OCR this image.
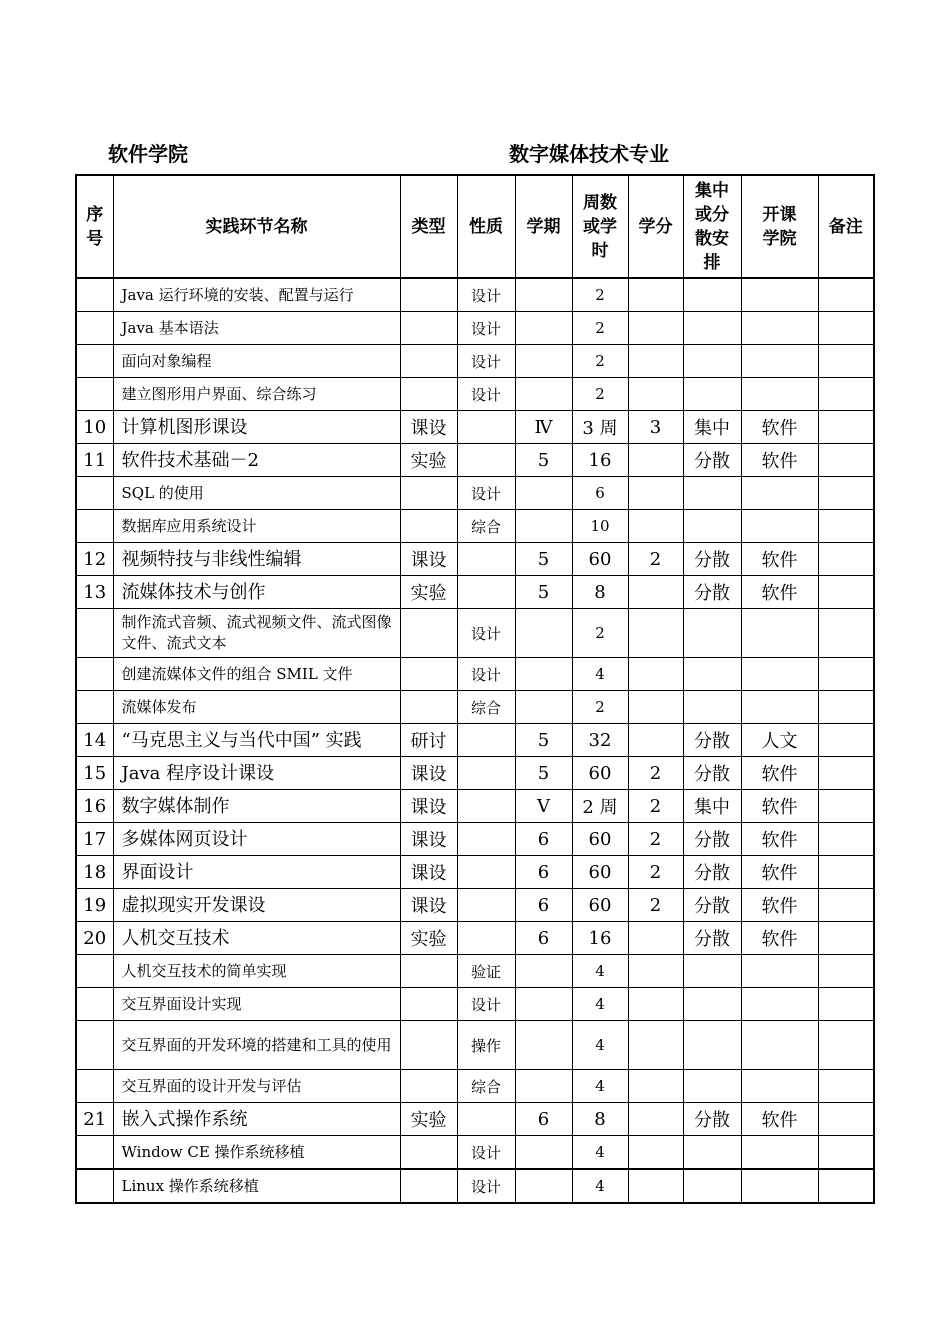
软件学院	数字媒体技术专业
序号	实践环节名称	类型	性质	学期	周数或学时	学分	集中或分散安排	开课学院	备注
	Java 运行环境的安装、配置与运行		设计		2				
	Java 基本语法		设计		2				
	面向对象编程		设计		2				
	建立图形用户界面、综合练习		设计		2				
10	计算机图形课设	课设		Ⅳ	3 周	3	集中	软件	
11	软件技术基础－2	实验		5	16		分散	软件	
	SQL 的使用		设计		6				
	数据库应用系统设计		综合		10				
12	视频特技与非线性编辑	课设		5	60	2	分散	软件	
13	流媒体技术与创作	实验		5	8		分散	软件	
	制作流式音频、流式视频文件、流式图像文件、流式文本		设计		2				
	创建流媒体文件的组合 SMIL 文件		设计		4				
	流媒体发布		综合		2				
14	“马克思主义与当代中国” 实践	研讨		5	32		分散	人文	
15	Java 程序设计课设	课设		5	60	2	分散	软件	
16	数字媒体制作	课设		Ⅴ	2 周	2	集中	软件	
17	多媒体网页设计	课设		6	60	2	分散	软件	
18	界面设计	课设		6	60	2	分散	软件	
19	虚拟现实开发课设	课设		6	60	2	分散	软件	
20	人机交互技术	实验		6	16		分散	软件	
	人机交互技术的简单实现		验证		4				
	交互界面设计实现		设计		4				
	交互界面的开发环境的搭建和工具的使用		操作		4				
	交互界面的设计开发与评估		综合		4				
21	嵌入式操作系统	实验		6	8		分散	软件	
	Window CE 操作系统移植		设计		4				
	Linux 操作系统移植		设计		4				
